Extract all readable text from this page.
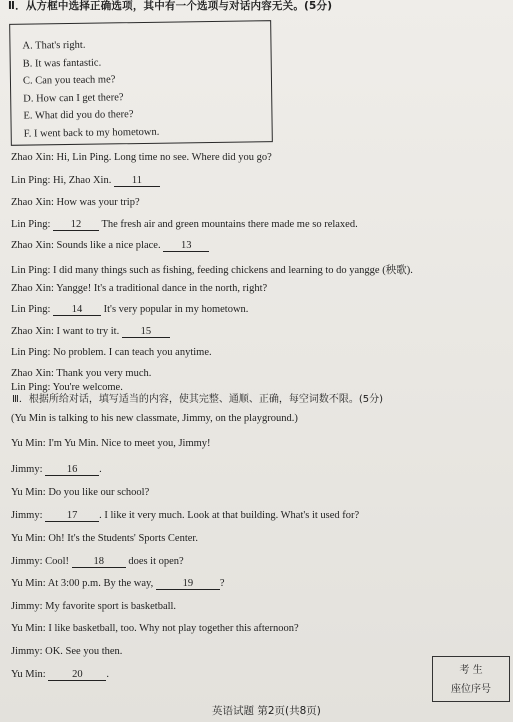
Ⅱ．从方框中选择正确选项，其中有一个选项与对话内容无关。(5分)
A. That's right.
B. It was fantastic.
C. Can you teach me?
D. How can I get there?
E. What did you do there?
F. I went back to my hometown.
Zhao Xin: Hi, Lin Ping. Long time no see. Where did you go?
Lin Ping: Hi, Zhao Xin. 11
Zhao Xin: How was your trip?
Lin Ping: 12 The fresh air and green mountains there made me so relaxed.
Zhao Xin: Sounds like a nice place. 13
Lin Ping: I did many things such as fishing, feeding chickens and learning to do yangge (秧歌).
Zhao Xin: Yangge! It's a traditional dance in the north, right?
Lin Ping: 14 It's very popular in my hometown.
Zhao Xin: I want to try it. 15
Lin Ping: No problem. I can teach you anytime.
Zhao Xin: Thank you very much.
Lin Ping: You're welcome.
Ⅲ．根据所给对话，填写适当的内容，使其完整、通顺、正确，每空词数不限。(5分)
(Yu Min is talking to his new classmate, Jimmy, on the playground.)
Yu Min: I'm Yu Min. Nice to meet you, Jimmy!
Jimmy: 16 .
Yu Min: Do you like our school?
Jimmy: 17 . I like it very much. Look at that building. What's it used for?
Yu Min: Oh! It's the Students' Sports Center.
Jimmy: Cool! 18 does it open?
Yu Min: At 3:00 p.m. By the way,	19	?
Jimmy: My favorite sport is basketball.
Yu Min: I like basketball, too. Why not play together this afternoon?
Jimmy: OK. See you then.
Yu Min: 20 .	考 生
座位序号
英语试题 第2页(共8页)
